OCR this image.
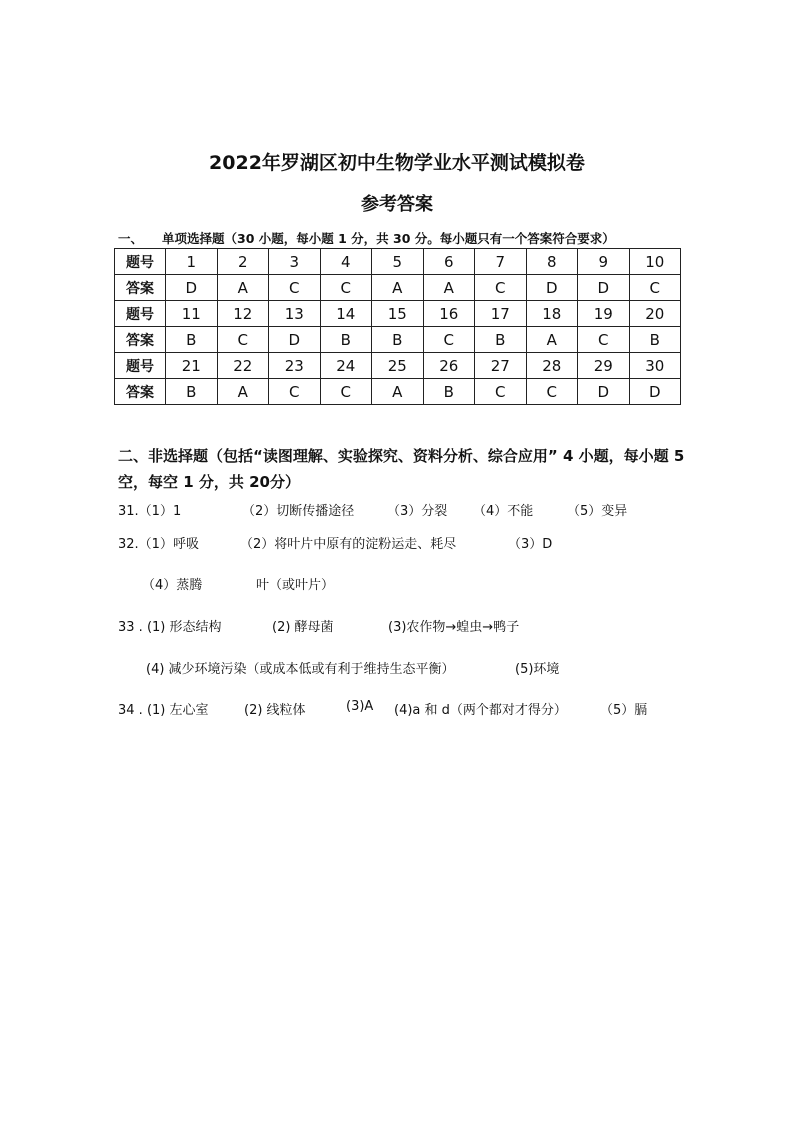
2022年罗湖区初中生物学业水平测试模拟卷
参考答案
一、 单项选择题（30 小题，每小题 1 分，共 30 分。每小题只有一个答案符合要求）
题号	1	2	3	4	5	6	7	8	9	10
答案	D	A	C	C	A	A	C	D	D	C
题号	11	12	13	14	15	16	17	18	19	20
答案	B	C	D	B	B	C	B	A	C	B
题号	21	22	23	24	25	26	27	28	29	30
答案	B	A	C	C	A	B	C	C	D	D
二、非选择题（包括“读图理解、实验探究、资料分析、综合应用” 4 小题，每小题 5 空，每空 1 分，共 20分）
31.（1）1	（2）切断传播途径	（3）分裂 （4）不能	（5）变异
32.（1）呼吸	（2）将叶片中原有的淀粉运走、耗尽	（3）D
（4）蒸腾	叶（或叶片）
33 . (1) 形态结构	(2) 酵母菌	(3)农作物→蝗虫→鸭子
(4) 减少环境污染（或成本低或有利于维持生态平衡）	(5)环境
34 . (1) 左心室	(2) 线粒体	(3)A (4)a 和 d（两个都对才得分）	（5）膈
